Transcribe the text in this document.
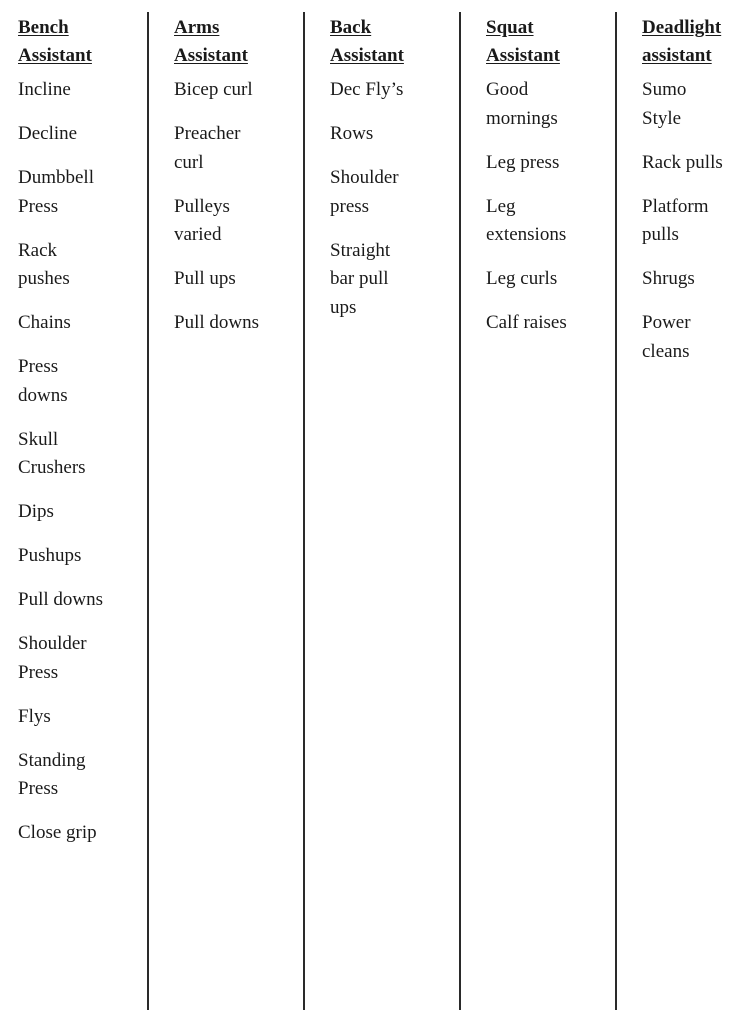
Bench
Assistant
Incline
Decline
Dumbbell
Press
Rack
pushes
Chains
Press
downs
Skull
Crushers
Dips
Pushups
Pull downs
Shoulder
Press
Flys
Standing
Press
Close grip
Arms
Assistant
Bicep curl
Preacher
curl
Pulleys
varied
Pull ups
Pull downs
Back
Assistant
Dec Fly’s
Rows
Shoulder
press
Straight
bar pull
ups
Squat
Assistant
Good
mornings
Leg press
Leg
extensions
Leg curls
Calf raises
Deadlight
assistant
Sumo
Style
Rack pulls
Platform
pulls
Shrugs
Power
cleans
